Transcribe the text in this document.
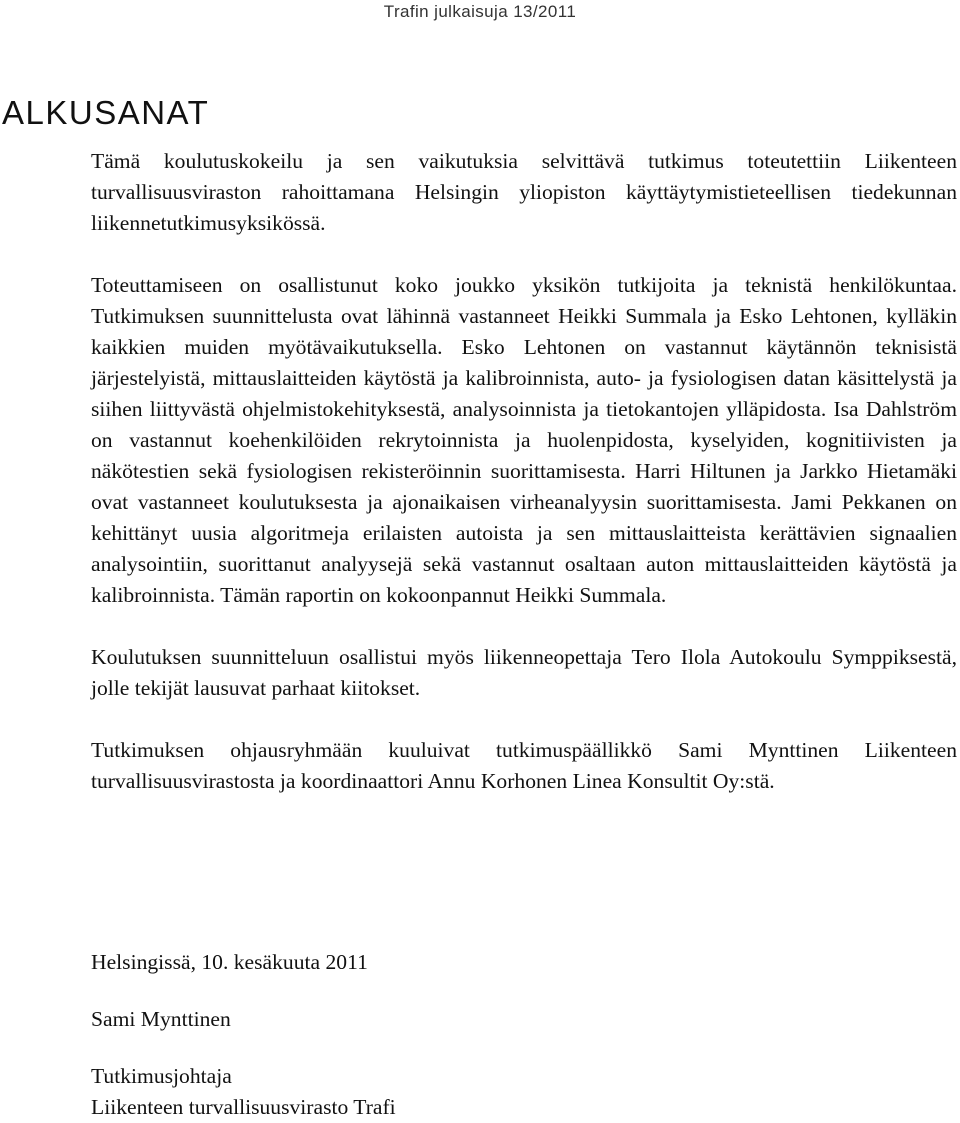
Trafin julkaisuja 13/2011
ALKUSANAT

Tämä koulutuskokeilu ja sen vaikutuksia selvittävä tutkimus toteutettiin Liikenteen turvallisuusviraston rahoittamana Helsingin yliopiston käyttäytymistieteellisen tiedekunnan liikennetutkimusyksikössä.

Toteuttamiseen on osallistunut koko joukko yksikön tutkijoita ja teknistä henkilökuntaa. Tutkimuksen suunnittelusta ovat lähinnä vastanneet Heikki Summala ja Esko Lehtonen, kylläkin kaikkien muiden myötävaikutuksella. Esko Lehtonen on vastannut käytännön teknisistä järjestelyistä, mittauslaitteiden käytöstä ja kalibroinnista, auto- ja fysiologisen datan käsittelystä ja siihen liittyvästä ohjelmistokehityksestä, analysoinnista ja tietokantojen ylläpidosta. Isa Dahlström on vastannut koehenkilöiden rekrytoinnista ja huolenpidosta, kyselyiden, kognitiivisten ja näkötestien sekä fysiologisen rekisteröinnin suorittamisesta. Harri Hiltunen ja Jarkko Hietamäki ovat vastanneet koulutuksesta ja ajonaikaisen virheanalyysin suorittamisesta. Jami Pekkanen on kehittänyt uusia algoritmeja erilaisten autoista ja sen mittauslaitteista kerättävien signaalien analysointiin, suorittanut analyysejä sekä vastannut osaltaan auton mittauslaitteiden käytöstä ja kalibroinnista. Tämän raportin on kokoonpannut Heikki Summala.

Koulutuksen suunnitteluun osallistui myös liikenneopettaja Tero Ilola Autokoulu Symppiksestä, jolle tekijät lausuvat parhaat kiitokset.

Tutkimuksen ohjausryhmään kuuluivat tutkimuspäällikkö Sami Mynttinen Liikenteen turvallisuusvirastosta ja koordinaattori Annu Korhonen Linea Konsultit Oy:stä.

Helsingissä, 10. kesäkuuta 2011
Sami Mynttinen
Tutkimusjohtaja
Liikenteen turvallisuusvirasto Trafi
